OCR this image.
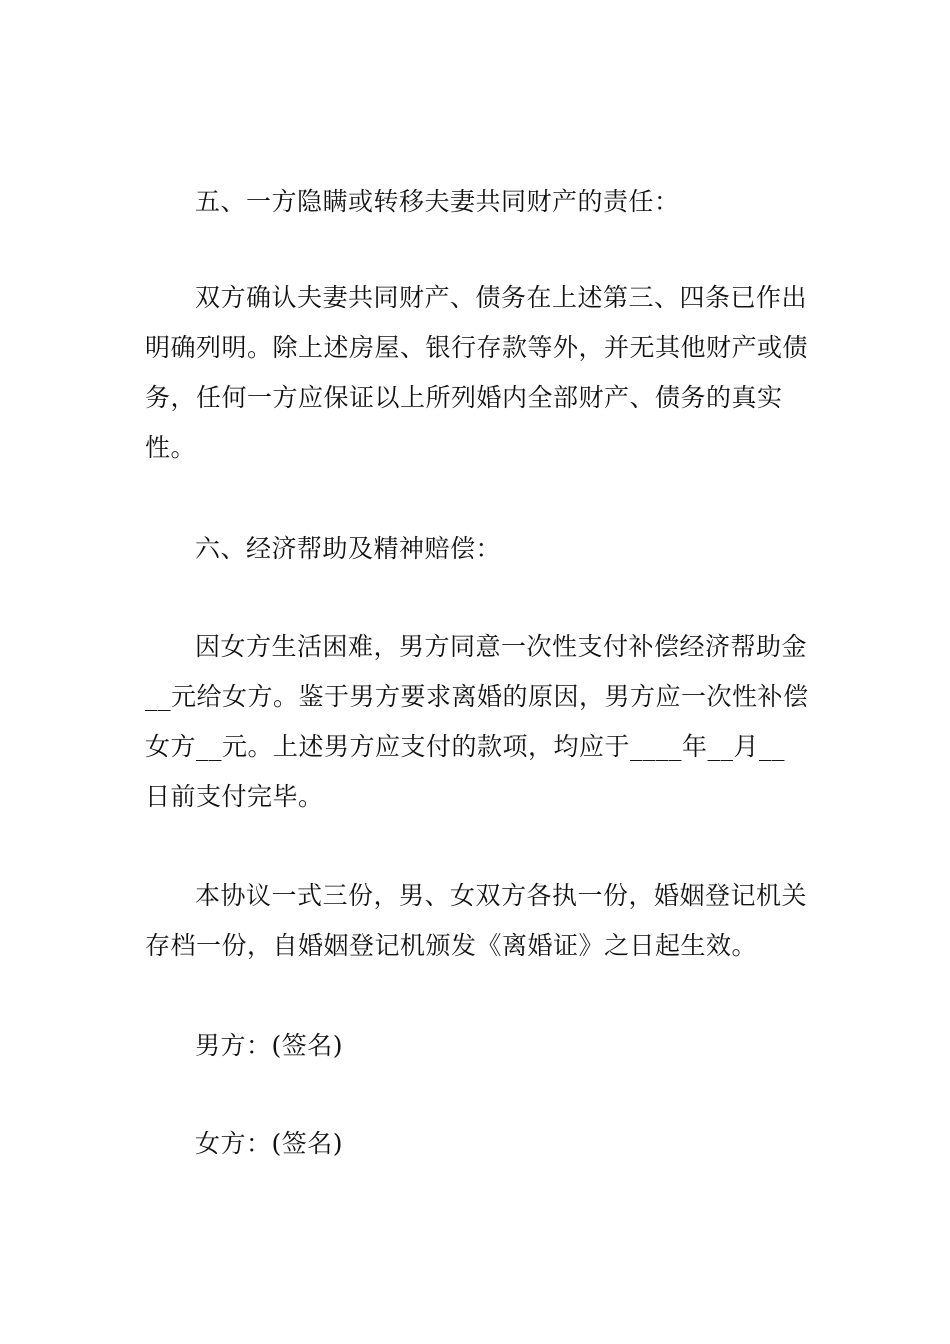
五、一方隐瞒或转移夫妻共同财产的责任：
双方确认夫妻共同财产、债务在上述第三、四条已作出明确列明。除上述房屋、银行存款等外，并无其他财产或债务，任何一方应保证以上所列婚内全部财产、债务的真实性。
六、经济帮助及精神赔偿：
因女方生活困难，男方同意一次性支付补偿经济帮助金__元给女方。鉴于男方要求离婚的原因，男方应一次性补偿女方__元。上述男方应支付的款项，均应于____年__月__日前支付完毕。
本协议一式三份，男、女双方各执一份，婚姻登记机关存档一份，自婚姻登记机颁发《离婚证》之日起生效。
男方：(签名)
女方：(签名)
